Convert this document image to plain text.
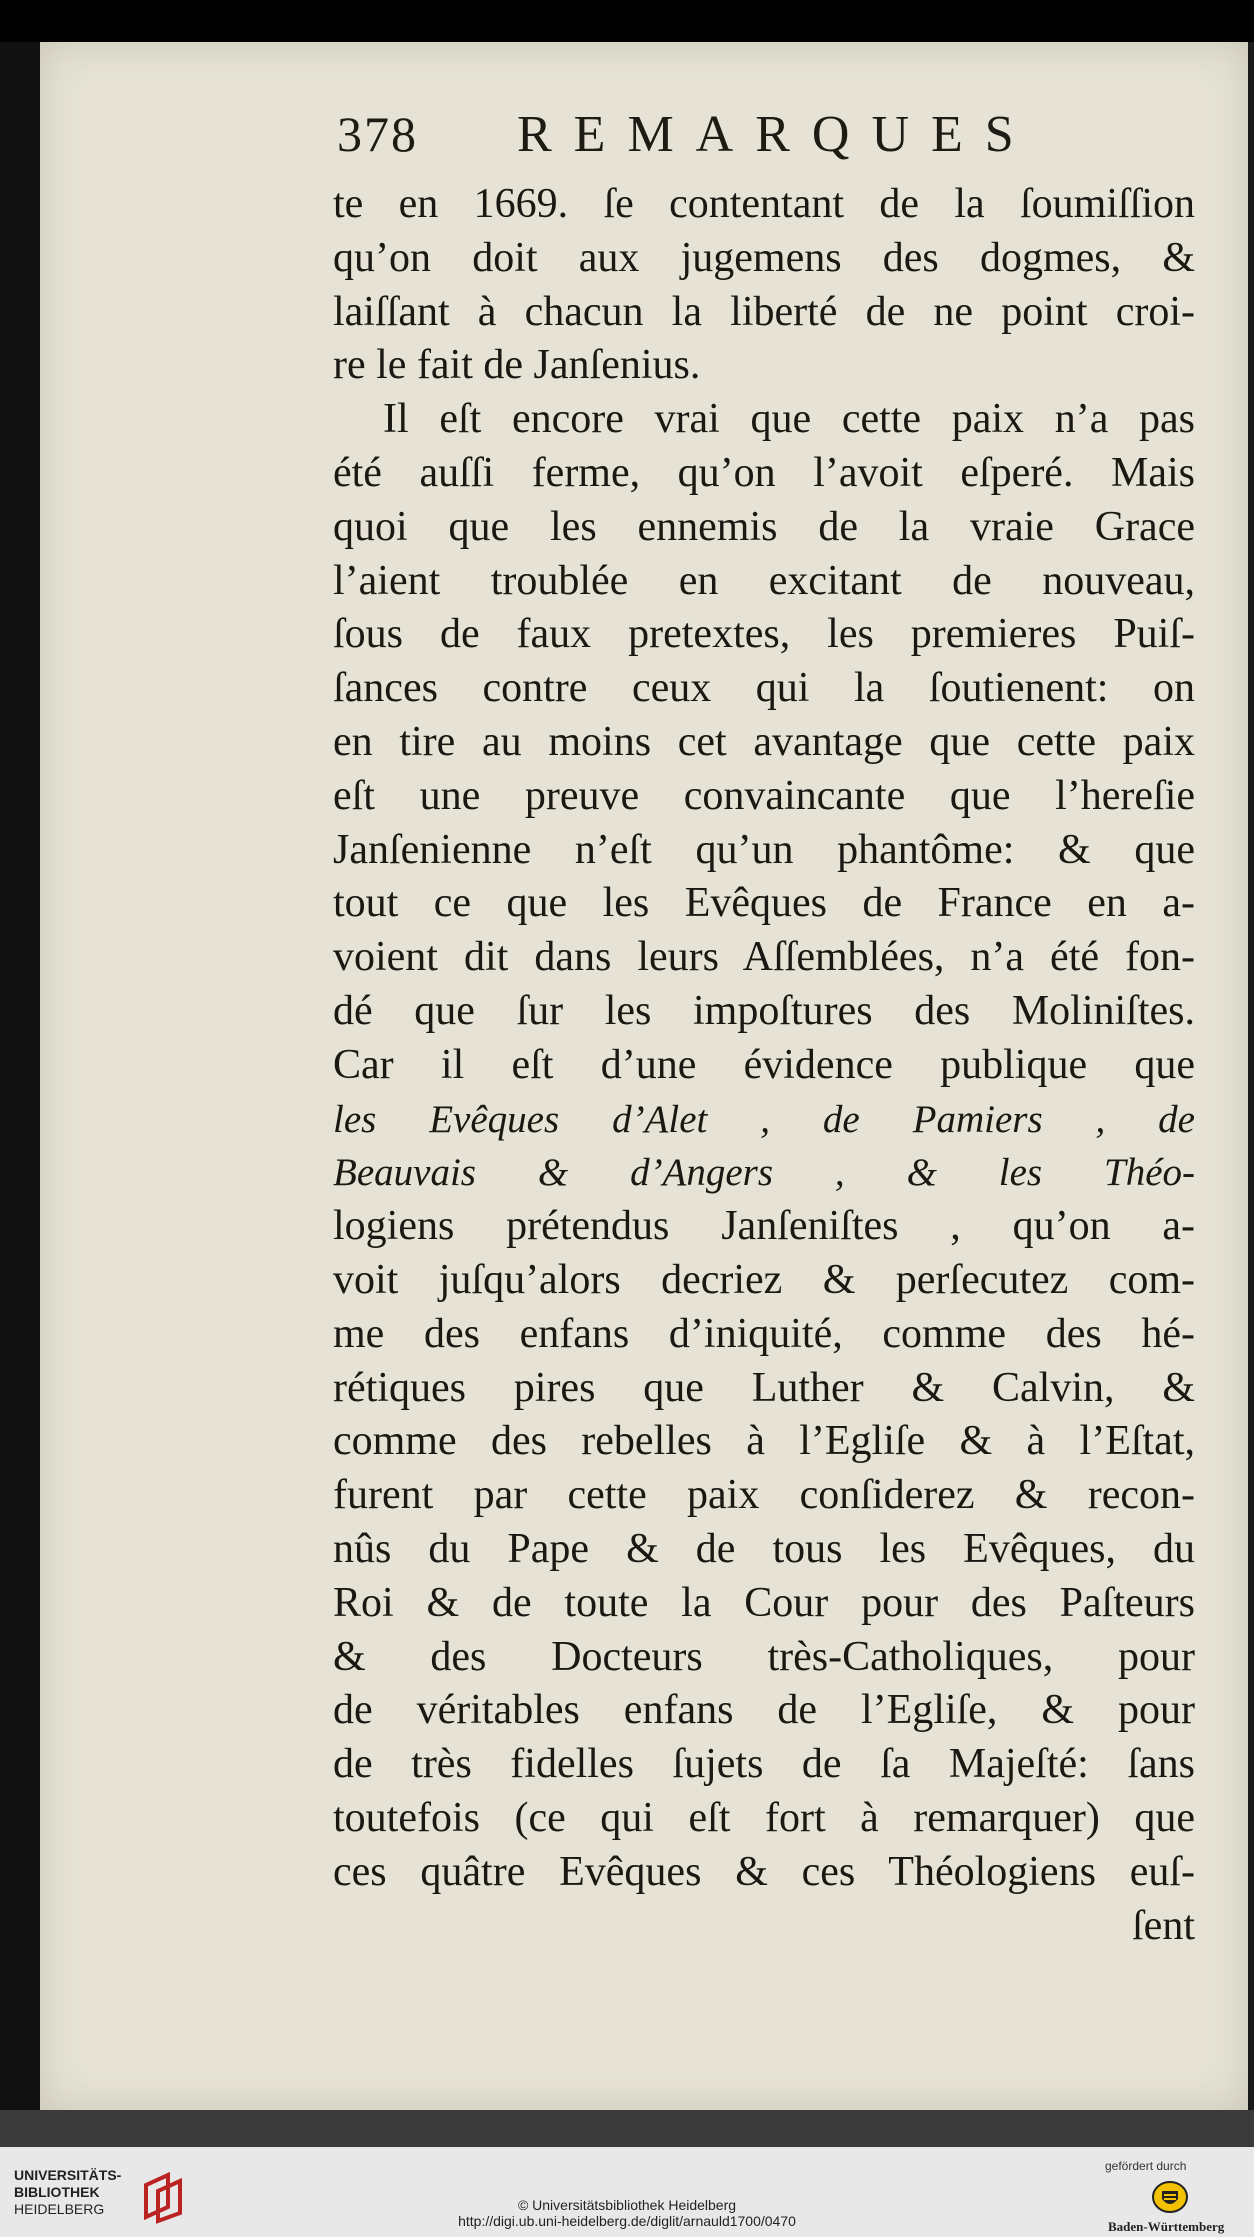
378 REMARQUES
te en 1669. ſe contentant de la ſoumiſſion
qu’on doit aux jugemens des dogmes, &
laiſſant à chacun la liberté de ne point croi-
re le fait de Janſenius.
Il eſt encore vrai que cette paix n’a pas
été auſſi ferme, qu’on l’avoit eſperé. Mais
quoi que les ennemis de la vraie Grace
l’aient troublée en excitant de nouveau,
ſous de faux pretextes, les premieres Puiſ-
ſances contre ceux qui la ſoutienent: on
en tire au moins cet avantage que cette paix
eſt une preuve convaincante que l’hereſie
Janſenienne n’eſt qu’un phantôme: & que
tout ce que les Evêques de France en a-
voient dit dans leurs Aſſemblées, n’a été fon-
dé que ſur les impoſtures des Moliniſtes.
Car il eſt d’une évidence publique que
les Evêques d’Alet , de Pamiers , de
Beauvais & d’Angers , & les Théo-
logiens prétendus Janſeniſtes , qu’on a-
voit juſqu’alors decriez & perſecutez com-
me des enfans d’iniquité, comme des hé-
rétiques pires que Luther & Calvin, &
comme des rebelles à l’Egliſe & à l’Eſtat,
furent par cette paix conſiderez & recon-
nûs du Pape & de tous les Evêques, du
Roi & de toute la Cour pour des Paſteurs
& des Docteurs très-Catholiques, pour
de véritables enfans de l’Egliſe, & pour
de très fidelles ſujets de ſa Majeſté: ſans
toutefois (ce qui eſt fort à remarquer) que
ces quâtre Evêques & ces Théologiens euſ-
ſent
UNIVERSITÄTS-
BIBLIOTHEK
HEIDELBERG	© Universitätsbibliothek Heidelberg
http://digi.ub.uni-heidelberg.de/diglit/arnauld1700/0470
gefördert durch
Baden-Württemberg
